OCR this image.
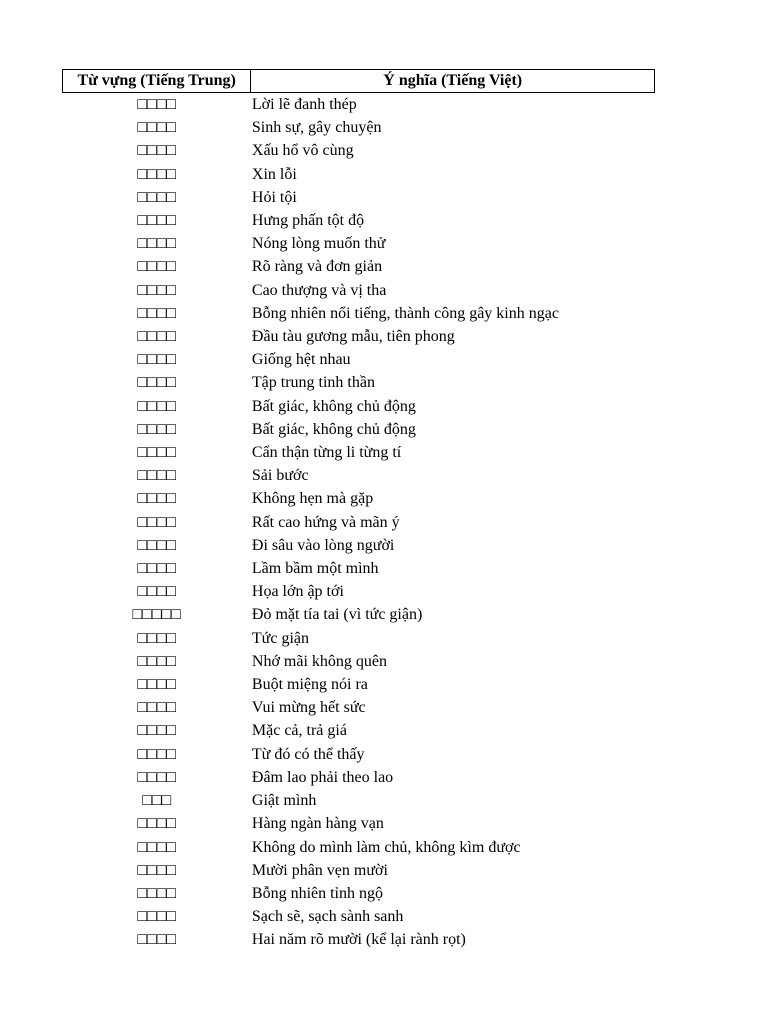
Từ vựng (Tiếng Trung)	Ý nghĩa (Tiếng Việt)
□□□□	Lời lẽ đanh thép
□□□□	Sinh sự, gây chuyện
□□□□	Xấu hổ vô cùng
□□□□	Xin lỗi
□□□□	Hỏi tội
□□□□	Hưng phấn tột độ
□□□□	Nóng lòng muốn thử
□□□□	Rõ ràng và đơn giản
□□□□	Cao thượng và vị tha
□□□□	Bỗng nhiên nổi tiếng, thành công gây kinh ngạc
□□□□	Đầu tàu gương mẫu, tiên phong
□□□□	Giống hệt nhau
□□□□	Tập trung tinh thần
□□□□	Bất giác, không chủ động
□□□□	Bất giác, không chủ động
□□□□	Cẩn thận từng li từng tí
□□□□	Sải bước
□□□□	Không hẹn mà gặp
□□□□	Rất cao hứng và mãn ý
□□□□	Đi sâu vào lòng người
□□□□	Lầm bầm một mình
□□□□	Họa lớn ập tới
□□□□□	Đỏ mặt tía tai (vì tức giận)
□□□□	Tức giận
□□□□	Nhớ mãi không quên
□□□□	Buột miệng nói ra
□□□□	Vui mừng hết sức
□□□□	Mặc cả, trả giá
□□□□	Từ đó có thể thấy
□□□□	Đâm lao phải theo lao
□□□	Giật mình
□□□□	Hàng ngàn hàng vạn
□□□□	Không do mình làm chủ, không kìm được
□□□□	Mười phân vẹn mười
□□□□	Bỗng nhiên tỉnh ngộ
□□□□	Sạch sẽ, sạch sành sanh
□□□□	Hai năm rõ mười (kể lại rành rọt)
